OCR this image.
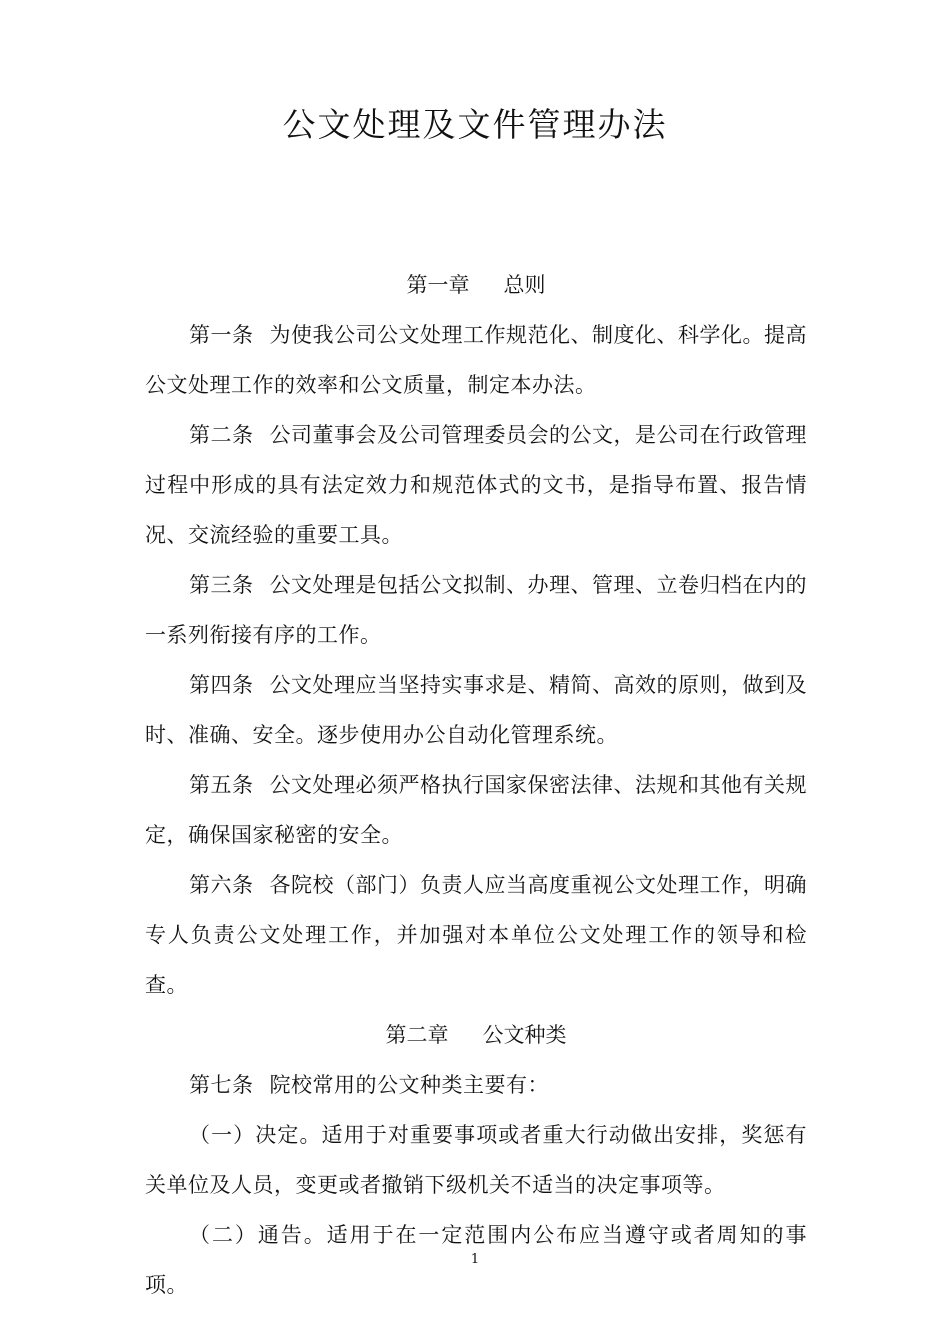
公文处理及文件管理办法

第一章 总则

第一条 为使我公司公文处理工作规范化、制度化、科学化。提高公文处理工作的效率和公文质量，制定本办法。

第二条 公司董事会及公司管理委员会的公文，是公司在行政管理过程中形成的具有法定效力和规范体式的文书，是指导布置、报告情况、交流经验的重要工具。

第三条 公文处理是包括公文拟制、办理、管理、立卷归档在内的一系列衔接有序的工作。

第四条 公文处理应当坚持实事求是、精简、高效的原则，做到及时、准确、安全。逐步使用办公自动化管理系统。

第五条 公文处理必须严格执行国家保密法律、法规和其他有关规定，确保国家秘密的安全。

第六条 各院校（部门）负责人应当高度重视公文处理工作，明确专人负责公文处理工作，并加强对本单位公文处理工作的领导和检查。

第二章 公文种类

第七条 院校常用的公文种类主要有：

（一）决定。适用于对重要事项或者重大行动做出安排，奖惩有关单位及人员，变更或者撤销下级机关不适当的决定事项等。

（二）通告。适用于在一定范围内公布应当遵守或者周知的事项。

1
